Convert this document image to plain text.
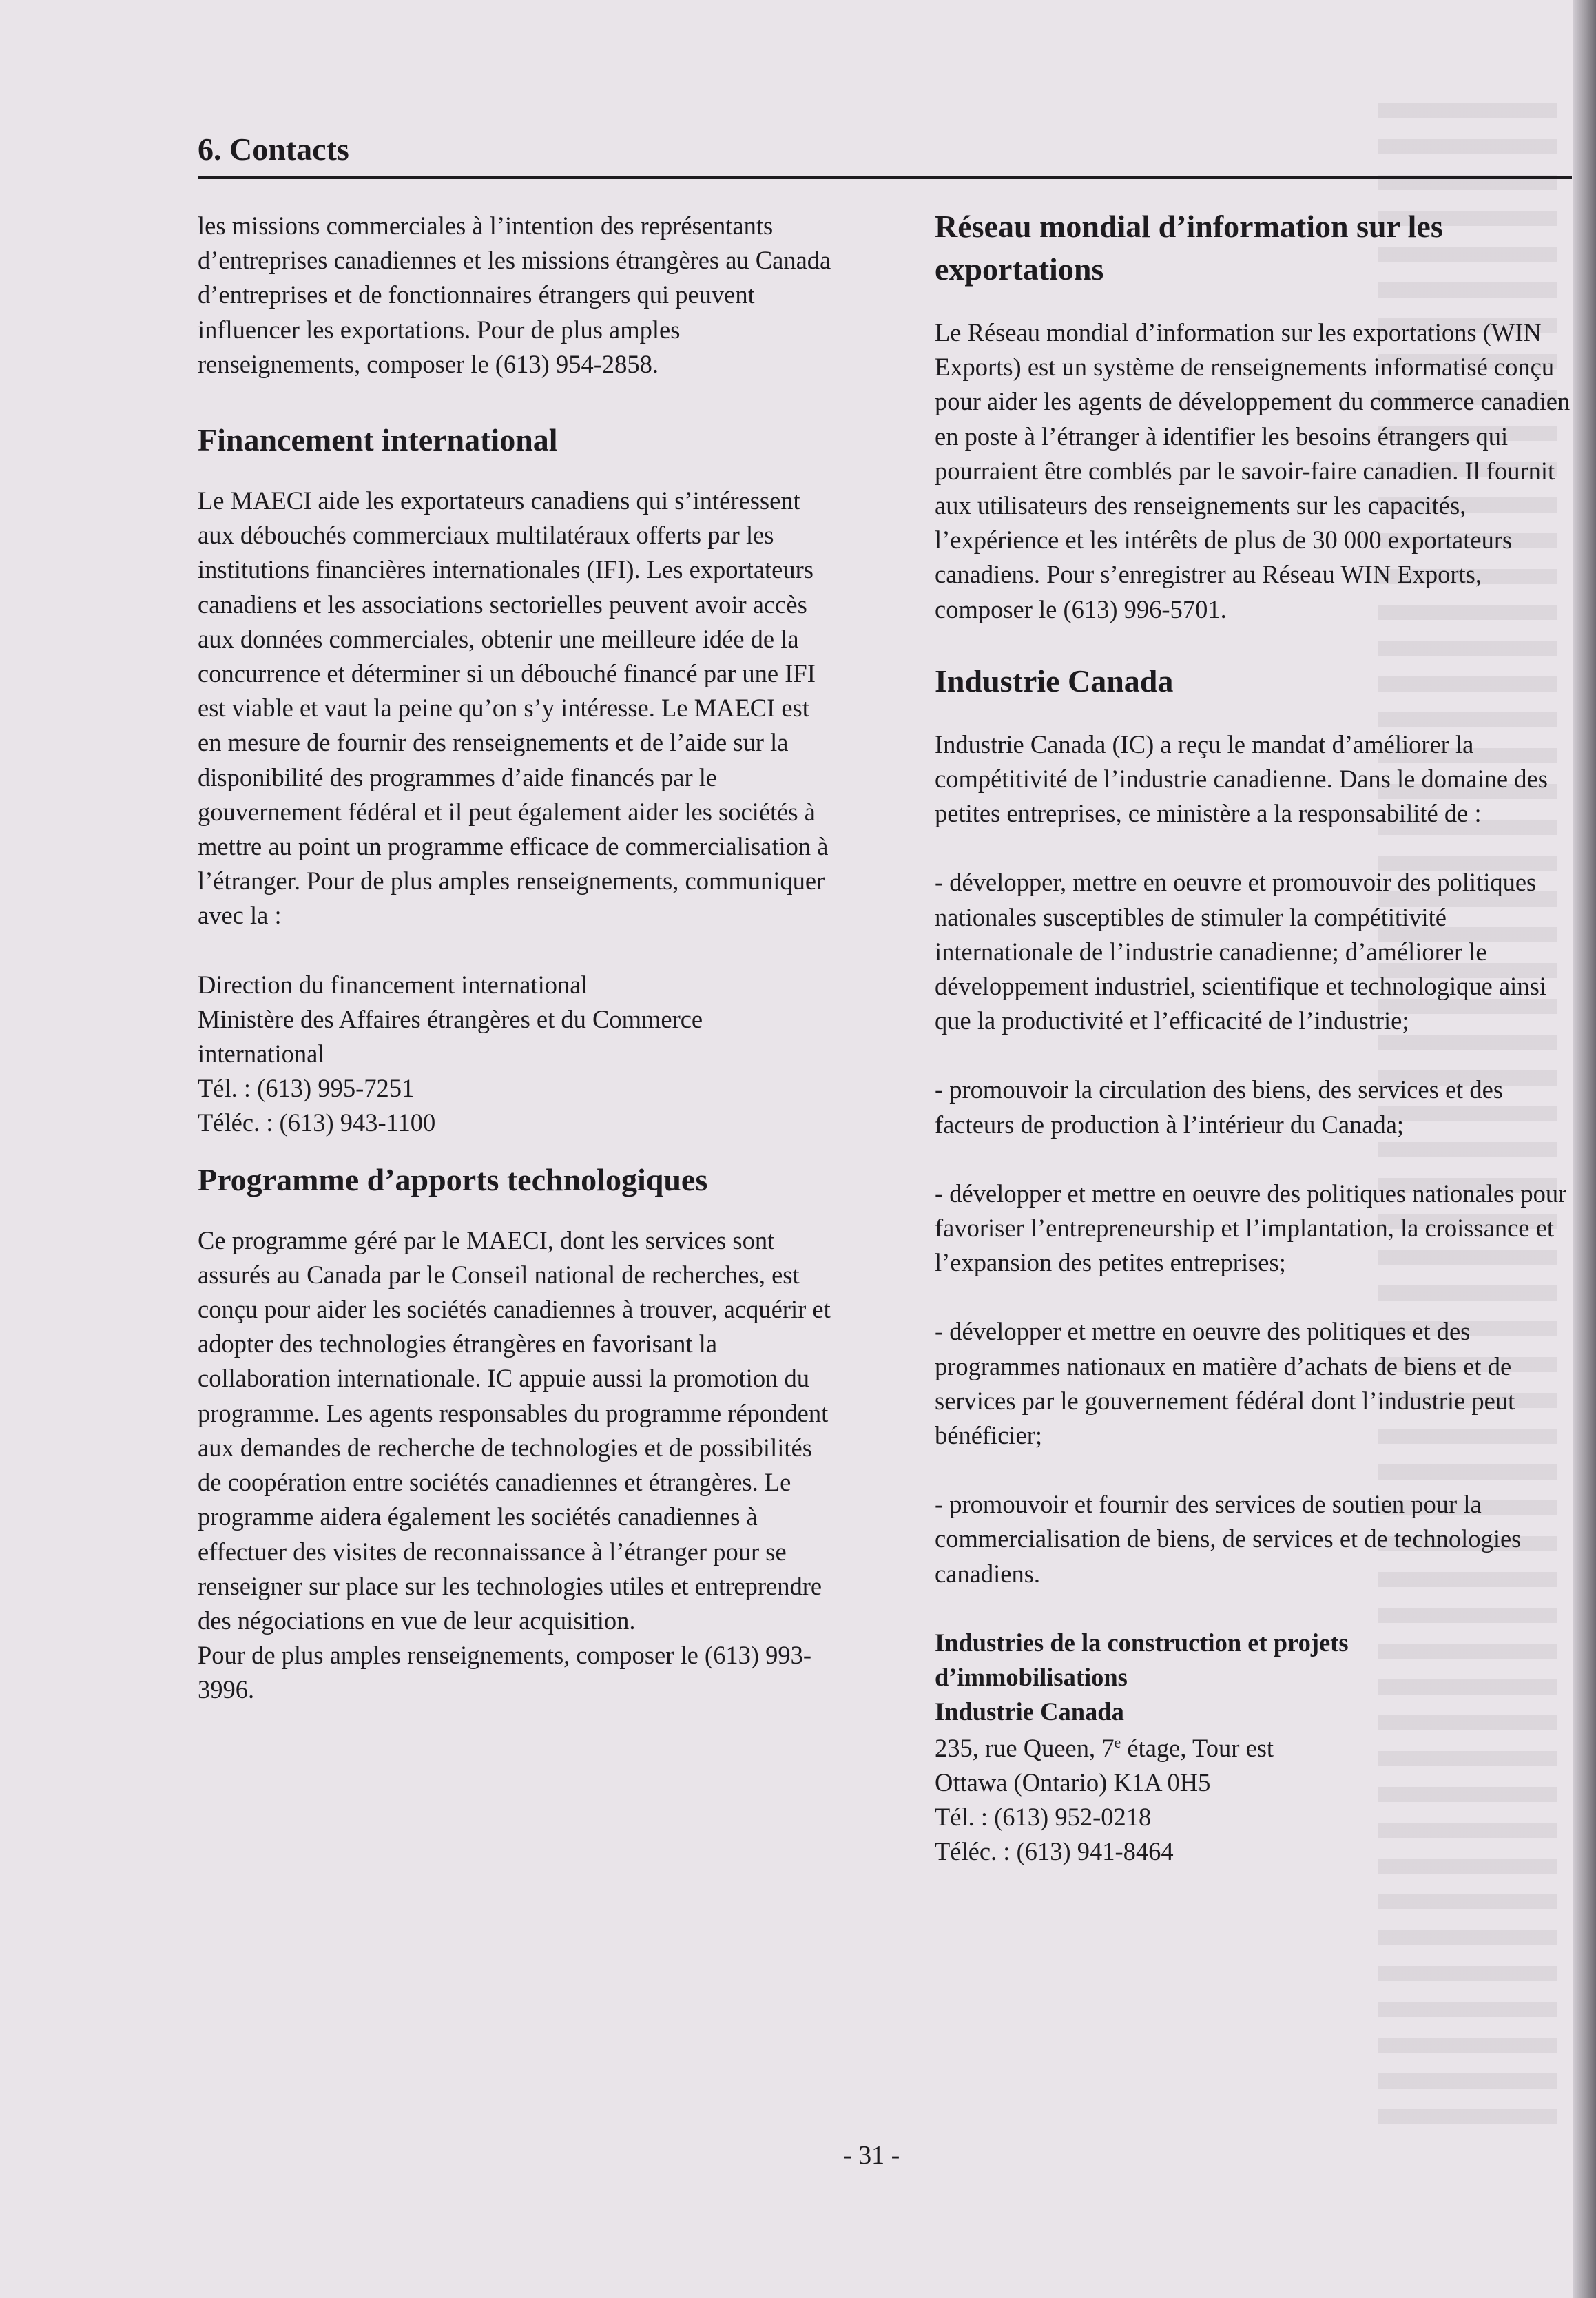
6. Contacts

les missions commerciales à l’intention des représentants d’entreprises canadiennes et les missions étrangères au Canada d’entreprises et de fonctionnaires étrangers qui peuvent influencer les exportations. Pour de plus amples renseignements, composer le (613) 954-2858.

Financement international

Le MAECI aide les exportateurs canadiens qui s’intéressent aux débouchés commerciaux multilatéraux offerts par les institutions financières internationales (IFI). Les exportateurs canadiens et les associations sectorielles peuvent avoir accès aux données commerciales, obtenir une meilleure idée de la concurrence et déterminer si un débouché financé par une IFI est viable et vaut la peine qu’on s’y intéresse. Le MAECI est en mesure de fournir des renseignements et de l’aide sur la disponibilité des programmes d’aide financés par le gouvernement fédéral et il peut également aider les sociétés à mettre au point un programme efficace de commercialisation à l’étranger. Pour de plus amples renseignements, communiquer avec la :

Direction du financement international
Ministère des Affaires étrangères et du Commerce
international
Tél. : (613) 995-7251
Téléc. : (613) 943-1100

Programme d’apports technologiques

Ce programme géré par le MAECI, dont les services sont assurés au Canada par le Conseil national de recherches, est conçu pour aider les sociétés canadiennes à trouver, acquérir et adopter des technologies étrangères en favorisant la collaboration internationale. IC appuie aussi la promotion du programme. Les agents responsables du programme répondent aux demandes de recherche de technologies et de possibilités de coopération entre sociétés canadiennes et étrangères. Le programme aidera également les sociétés canadiennes à effectuer des visites de reconnaissance à l’étranger pour se renseigner sur place sur les technologies utiles et entreprendre des négociations en vue de leur acquisition.

Pour de plus amples renseignements, composer le (613) 993-3996.

Réseau mondial d’information sur les exportations

Le Réseau mondial d’information sur les exportations (WIN Exports) est un système de renseignements informatisé conçu pour aider les agents de développement du commerce canadien en poste à l’étranger à identifier les besoins étrangers qui pourraient être comblés par le savoir-faire canadien. Il fournit aux utilisateurs des renseignements sur les capacités, l’expérience et les intérêts de plus de 30 000 exportateurs canadiens. Pour s’enregistrer au Réseau WIN Exports, composer le (613) 996-5701.

Industrie Canada

Industrie Canada (IC) a reçu le mandat d’améliorer la compétitivité de l’industrie canadienne. Dans le domaine des petites entreprises, ce ministère a la responsabilité de :

- développer, mettre en oeuvre et promouvoir des politiques nationales susceptibles de stimuler la compétitivité internationale de l’industrie canadienne; d’améliorer le développement industriel, scientifique et technologique ainsi que la productivité et l’efficacité de l’industrie;

- promouvoir la circulation des biens, des services et des facteurs de production à l’intérieur du Canada;

- développer et mettre en oeuvre des politiques nationales pour favoriser l’entrepreneurship et l’implantation, la croissance et l’expansion des petites entreprises;

- développer et mettre en oeuvre des politiques et des programmes nationaux en matière d’achats de biens et de services par le gouvernement fédéral dont l’industrie peut bénéficier;

- promouvoir et fournir des services de soutien pour la commercialisation de biens, de services et de technologies canadiens.

Industries de la construction et projets
d’immobilisations
Industrie Canada
235, rue Queen, 7e étage, Tour est
Ottawa (Ontario) K1A 0H5
Tél. : (613) 952-0218
Téléc. : (613) 941-8464

- 31 -
